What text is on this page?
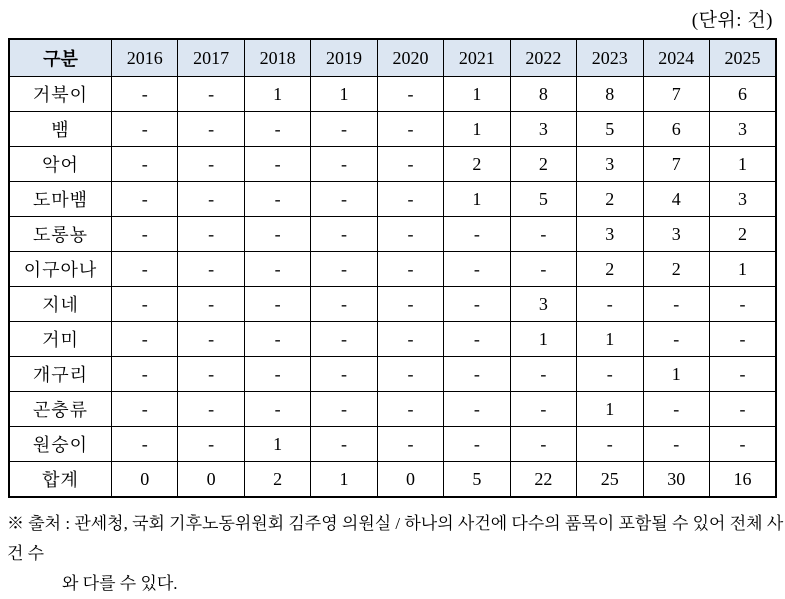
(단위: 건)
구분	2016	2017	2018	2019	2020	2021	2022	2023	2024	2025
거북이	-	-	1	1	-	1	8	8	7	6
뱀	-	-	-	-	-	1	3	5	6	3
악어	-	-	-	-	-	2	2	3	7	1
도마뱀	-	-	-	-	-	1	5	2	4	3
도롱뇽	-	-	-	-	-	-	-	3	3	2
이구아나	-	-	-	-	-	-	-	2	2	1
지네	-	-	-	-	-	-	3	-	-	-
거미	-	-	-	-	-	-	1	1	-	-
개구리	-	-	-	-	-	-	-	-	1	-
곤충류	-	-	-	-	-	-	-	1	-	-
원숭이	-	-	1	-	-	-	-	-	-	-
합계	0	0	2	1	0	5	22	25	30	16
※ 출처 : 관세청, 국회 기후노동위원회 김주영 의원실 / 하나의 사건에 다수의 품목이 포함될 수 있어 전체 사건 수
와 다를 수 있다.
